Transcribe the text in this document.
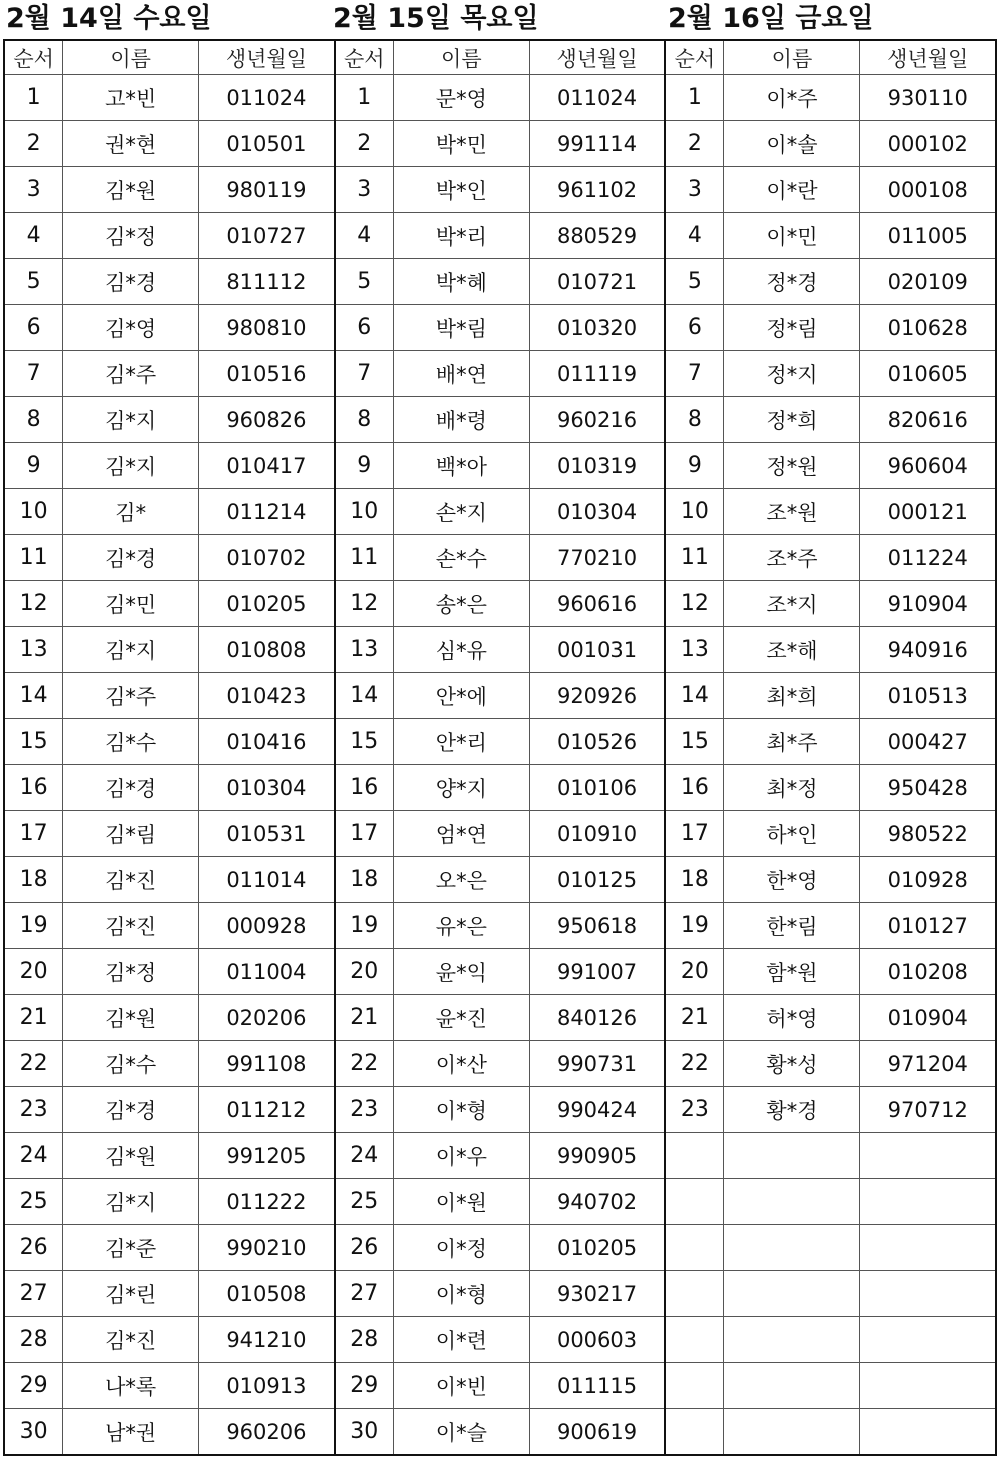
2월 14일 수요일	2월 15일 목요일	2월 16일 금요일
순서	이름	생년월일	순서	이름	생년월일	순서	이름	생년월일
1	고*빈	011024	1	문*영	011024	1	이*주	930110
2	권*현	010501	2	박*민	991114	2	이*솔	000102
3	김*원	980119	3	박*인	961102	3	이*란	000108
4	김*정	010727	4	박*리	880529	4	이*민	011005
5	김*경	811112	5	박*혜	010721	5	정*경	020109
6	김*영	980810	6	박*림	010320	6	정*림	010628
7	김*주	010516	7	배*연	011119	7	정*지	010605
8	김*지	960826	8	배*령	960216	8	정*희	820616
9	김*지	010417	9	백*아	010319	9	정*원	960604
10	김*	011214	10	손*지	010304	10	조*원	000121
11	김*경	010702	11	손*수	770210	11	조*주	011224
12	김*민	010205	12	송*은	960616	12	조*지	910904
13	김*지	010808	13	심*유	001031	13	조*해	940916
14	김*주	010423	14	안*에	920926	14	최*희	010513
15	김*수	010416	15	안*리	010526	15	최*주	000427
16	김*경	010304	16	양*지	010106	16	최*정	950428
17	김*림	010531	17	엄*연	010910	17	하*인	980522
18	김*진	011014	18	오*은	010125	18	한*영	010928
19	김*진	000928	19	유*은	950618	19	한*림	010127
20	김*정	011004	20	윤*익	991007	20	함*원	010208
21	김*원	020206	21	윤*진	840126	21	허*영	010904
22	김*수	991108	22	이*산	990731	22	황*성	971204
23	김*경	011212	23	이*형	990424	23	황*경	970712
24	김*원	991205	24	이*우	990905			
25	김*지	011222	25	이*원	940702			
26	김*준	990210	26	이*정	010205			
27	김*린	010508	27	이*형	930217			
28	김*진	941210	28	이*련	000603			
29	나*록	010913	29	이*빈	011115			
30	남*권	960206	30	이*슬	900619			
